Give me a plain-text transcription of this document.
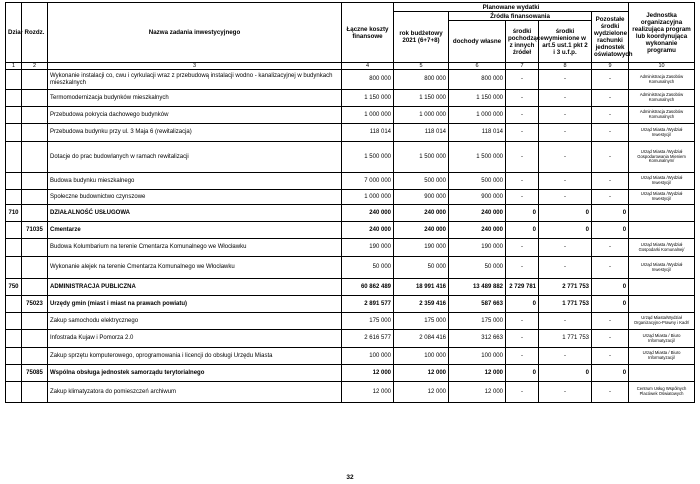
Dział	Rozdz.	Nazwa zadania inwestycyjnego	Łączne koszty finansowe	Planowane wydatki					Jednostka organizacyjna realizująca program lub koordynująca wykonanie programu
				rok budżetowy 2021 (6+7+8)	Źródła finansowania			Pozostałe środki wydzielone rachunki jednostek oświatowych	
					dochody własne	środki pochodzące z innych źródeł	środki wymienione w art.5 ust.1 pkt 2 i 3 u.f.p.		
1	2	3	4	5	6	7	8	9	10
		Wykonanie instalacji co, cwu i cyrkulacji wraz z przebudową instalacji wodno - kanalizacyjnej w budynkach mieszkalnych	800 000	800 000	800 000	-	-	-	Administracja Zasobów Komunalnych
		Termomodernizacja budynków mieszkalnych	1 150 000	1 150 000	1 150 000	-	-	-	Administracja Zasobów Komunalnych
		Przebudowa pokrycia dachowego budynków	1 000 000	1 000 000	1 000 000	-	-	-	Administracja Zasobów Komunalnych
		Przebudowa budynku przy ul. 3 Maja 6 (rewitalizacja)	118 014	118 014	118 014	-	-	-	Urząd Miasta /Wydział Inwestycji/
		Dotacje do prac budowlanych w ramach rewitalizacji	1 500 000	1 500 000	1 500 000	-	-	-	Urząd Miasta /Wydział Gospodarowania Mieniem Komunalnym/
		Budowa budynku mieszkalnego	7 000 000	500 000	500 000	-	-	-	Urząd Miasta /Wydział Inwestycji/
		Społeczne budownictwo czynszowe	1 000 000	900 000	900 000	-	-	-	Urząd Miasta /Wydział Inwestycji/
710		DZIAŁALNOŚĆ USŁUGOWA	240 000	240 000	240 000	0	0	0	
	71035	Cmentarze	240 000	240 000	240 000	0	0	0	
		Budowa Kolumbarium na terenie Cmentarza Komunalnego we Włocławku	190 000	190 000	190 000	-	-	-	Urząd Miasta /Wydział Gospodarki Komunalnej/
		Wykonanie alejek na terenie Cmentarza Komunalnego we Włocławku	50 000	50 000	50 000	-	-	-	Urząd Miasta /Wydział Inwestycji/
750		ADMINISTRACJA PUBLICZNA	60 862 489	18 991 416	13 489 882	2 729 781	2 771 753	0	
	75023	Urzędy gmin (miast i miast na prawach powiatu)	2 891 577	2 359 416	587 663	0	1 771 753	0	
		Zakup samochodu elektrycznego	175 000	175 000	175 000	-	-	-	Urząd Miasta/Wydział Organizacyjno-Prawny i Kadr/
		Infostrada Kujaw i Pomorza 2.0	2 616 577	2 084 416	312 663	-	1 771 753	-	Urząd Miasta / Biuro Informatyzacji/
		Zakup sprzętu komputerowego, oprogramowania i licencji do obsługi Urzędu Miasta	100 000	100 000	100 000	-	-	-	Urząd Miasta / Biuro Informatyzacji/
	75085	Wspólna obsługa jednostek samorządu terytorialnego	12 000	12 000	12 000	0	0	0	
		Zakup klimatyzatora do pomieszczeń archiwum	12 000	12 000	12 000	-	-	-	Centrum Usług Wspólnych Placówek Oświatowych
32
